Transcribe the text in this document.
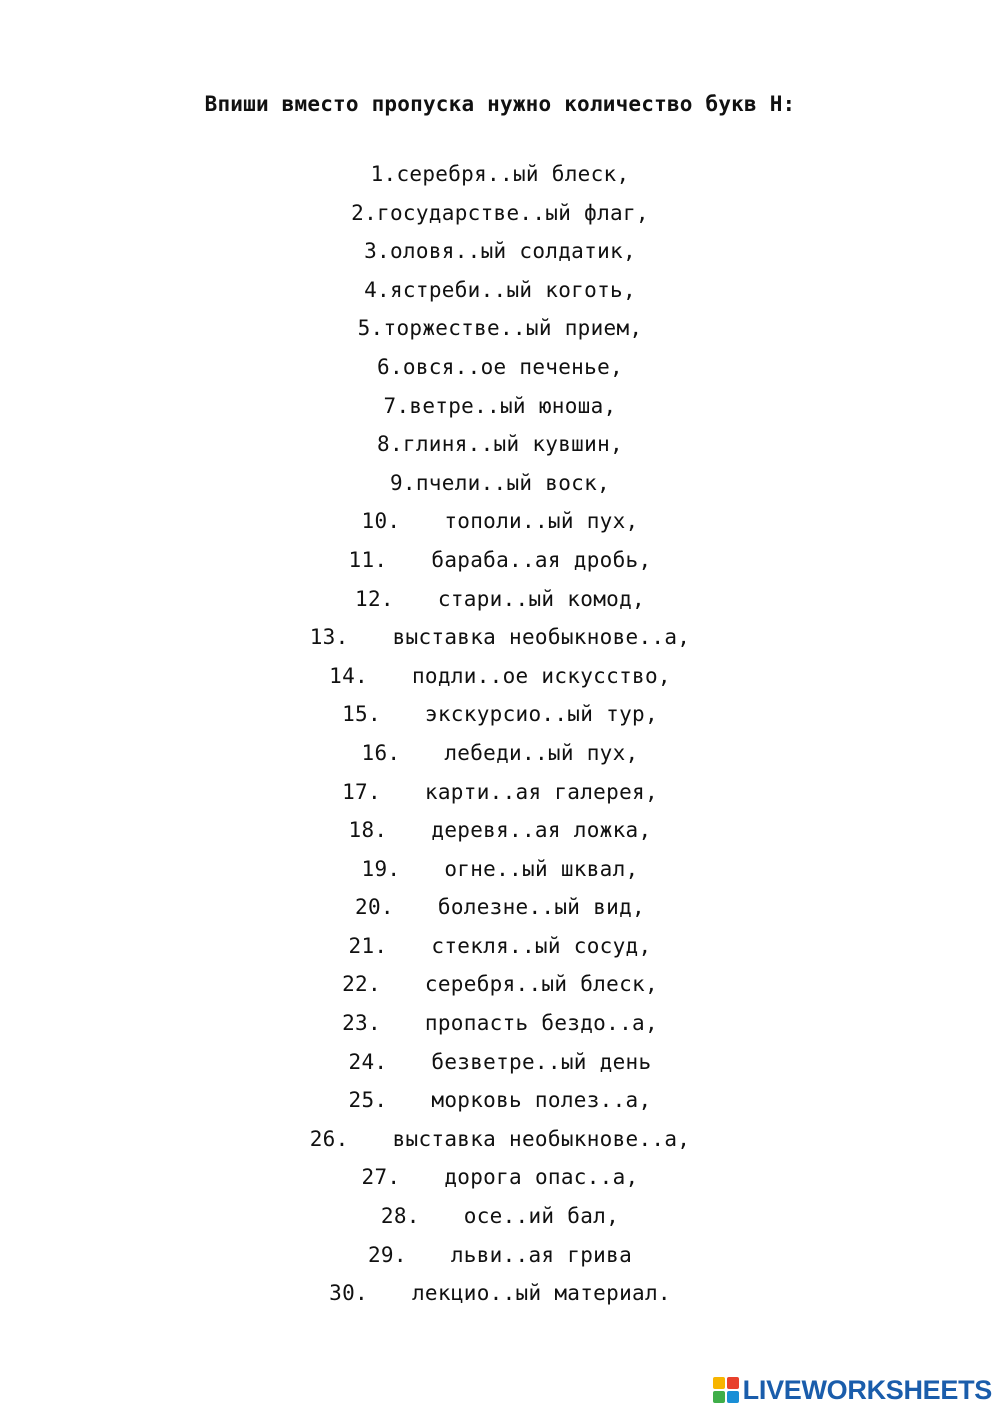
Впиши вместо пропуска нужно количество букв Н:
1.серебря..ый блеск,
2.государстве..ый флаг,
3.оловя..ый солдатик,
4.ястреби..ый коготь,
5.торжестве..ый прием,
6.овся..ое печенье,
7.ветре..ый юноша,
8.глиня..ый кувшин,
9.пчели..ый воск,
10. тополи..ый пух,
11. бараба..ая дробь,
12. стари..ый комод,
13. выставка необыкнове..а,
14. подли..ое искусство,
15. экскурсио..ый тур,
16. лебеди..ый пух,
17. карти..ая галерея,
18. деревя..ая ложка,
19. огне..ый шквал,
20. болезне..ый вид,
21. стекля..ый сосуд,
22. серебря..ый блеск,
23. пропасть бездо..а,
24. безветре..ый день
25. морковь полез..а,
26. выставка необыкнове..а,
27. дорога опас..а,
28. осе..ий бал,
29. льви..ая грива
30. лекцио..ый материал.
LIVEWORKSHEETS
